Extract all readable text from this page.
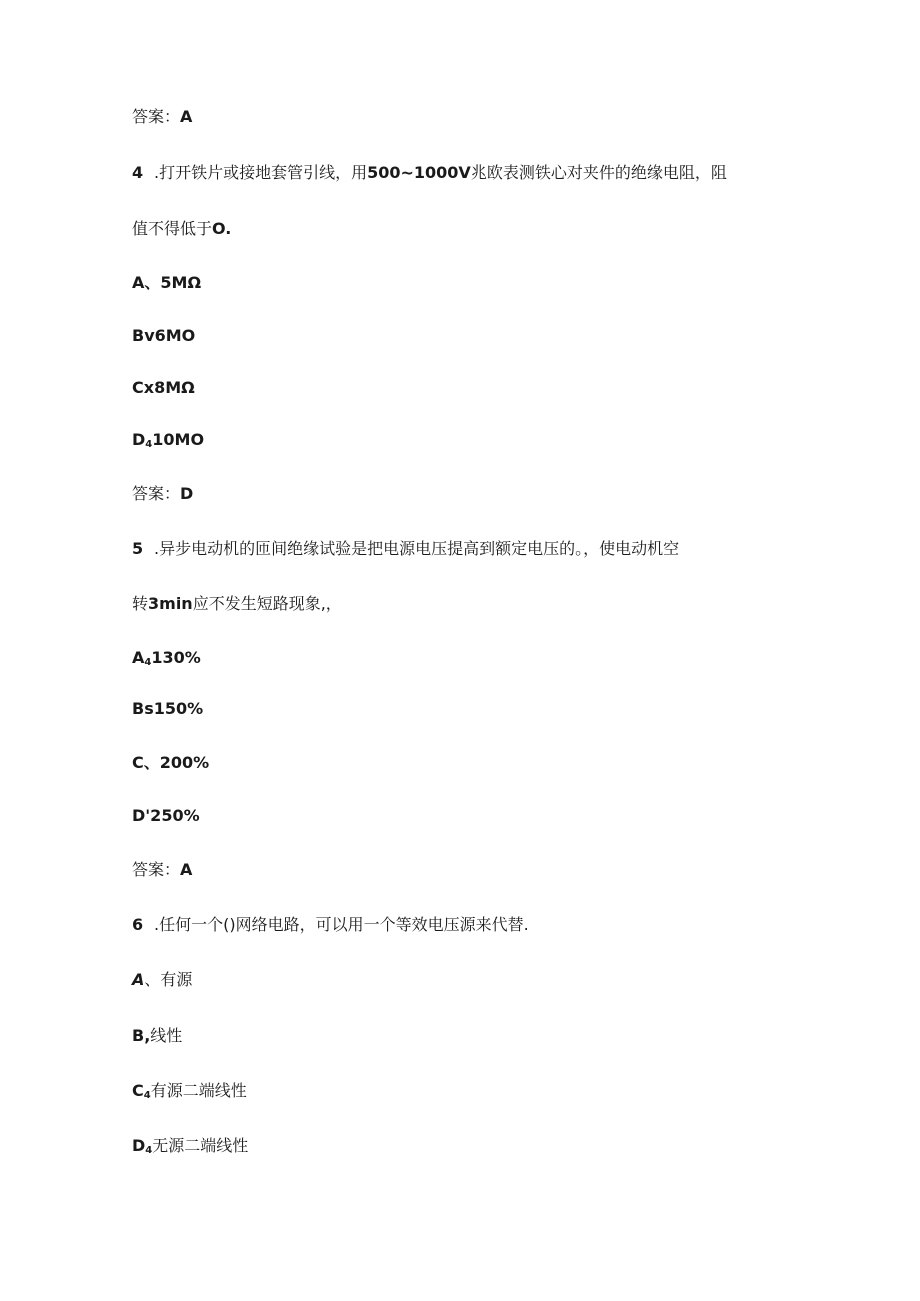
答案：A
4 .打开铁片或接地套管引线，用500~1000V兆欧表测铁心对夹件的绝缘电阻，阻
值不得低于O.
A、5MΩ
Bv6MO
Cx8MΩ
$D_410MO$
答案：D
5 .异步电动机的匝间绝缘试验是把电源电压提高到额定电压的。，使电动机空
转3min应不发生短路现象,，
$A_4130\%$
Bs150%
C、200%
D'250%
答案：A
6 .任何一个()网络电路，可以用一个等效电压源来代替.
A、有源
B,线性
$C_4$有源二端线性
$D_4$无源二端线性
